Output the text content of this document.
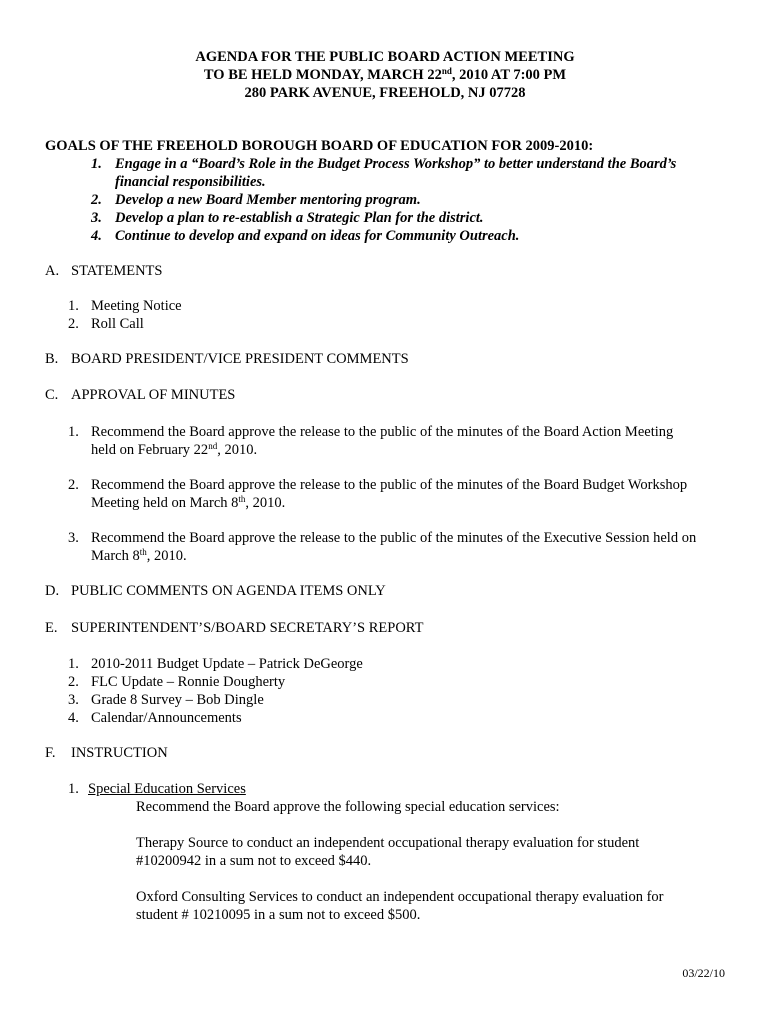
AGENDA FOR THE PUBLIC BOARD ACTION MEETING
TO BE HELD MONDAY, MARCH 22nd, 2010 AT 7:00 PM
280 PARK AVENUE, FREEHOLD, NJ 07728
GOALS OF THE FREEHOLD BOROUGH BOARD OF EDUCATION FOR 2009-2010:
1. Engage in a “Board’s Role in the Budget Process Workshop” to better understand the Board’s
financial responsibilities.
2. Develop a new Board Member mentoring program.
3. Develop a plan to re-establish a Strategic Plan for the district.
4. Continue to develop and expand on ideas for Community Outreach.
A. STATEMENTS
1. Meeting Notice
2. Roll Call
B. BOARD PRESIDENT/VICE PRESIDENT COMMENTS
C. APPROVAL OF MINUTES
1. Recommend the Board approve the release to the public of the minutes of the Board Action Meeting
held on February 22nd, 2010.
2. Recommend the Board approve the release to the public of the minutes of the Board Budget Workshop
Meeting held on March 8th, 2010.
3. Recommend the Board approve the release to the public of the minutes of the Executive Session held on
March 8th, 2010.
D. PUBLIC COMMENTS ON AGENDA ITEMS ONLY
E. SUPERINTENDENT’S/BOARD SECRETARY’S REPORT
1. 2010-2011 Budget Update – Patrick DeGeorge
2. FLC Update – Ronnie Dougherty
3. Grade 8 Survey – Bob Dingle
4. Calendar/Announcements
F. INSTRUCTION
1. Special Education Services
Recommend the Board approve the following special education services:
Therapy Source to conduct an independent occupational therapy evaluation for student
#10200942 in a sum not to exceed $440.
Oxford Consulting Services to conduct an independent occupational therapy evaluation for
student # 10210095 in a sum not to exceed $500.
03/22/10
